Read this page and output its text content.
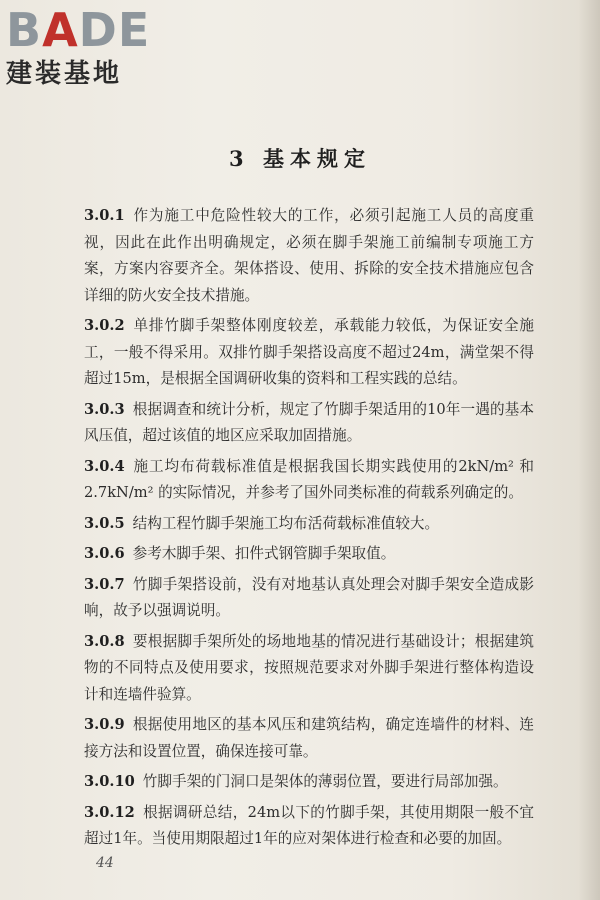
BADE
建装基地
3 基本规定

3.0.1 作为施工中危险性较大的工作，必须引起施工人员的高度重视，因此在此作出明确规定，必须在脚手架施工前编制专项施工方案，方案内容要齐全。架体搭设、使用、拆除的安全技术措施应包含详细的防火安全技术措施。

3.0.2 单排竹脚手架整体刚度较差，承载能力较低，为保证安全施工，一般不得采用。双排竹脚手架搭设高度不超过24m，满堂架不得超过15m，是根据全国调研收集的资料和工程实践的总结。

3.0.3 根据调查和统计分析，规定了竹脚手架适用的10年一遇的基本风压值，超过该值的地区应采取加固措施。

3.0.4 施工均布荷载标准值是根据我国长期实践使用的2kN/m² 和2.7kN/m² 的实际情况，并参考了国外同类标准的荷载系列确定的。

3.0.5 结构工程竹脚手架施工均布活荷载标准值较大。

3.0.6 参考木脚手架、扣件式钢管脚手架取值。

3.0.7 竹脚手架搭设前，没有对地基认真处理会对脚手架安全造成影响，故予以强调说明。

3.0.8 要根据脚手架所处的场地地基的情况进行基础设计；根据建筑物的不同特点及使用要求，按照规范要求对外脚手架进行整体构造设计和连墙件验算。

3.0.9 根据使用地区的基本风压和建筑结构，确定连墙件的材料、连接方法和设置位置，确保连接可靠。

3.0.10 竹脚手架的门洞口是架体的薄弱位置，要进行局部加强。

3.0.12 根据调研总结，24m以下的竹脚手架，其使用期限一般不宜超过1年。当使用期限超过1年的应对架体进行检查和必要的加固。

44
